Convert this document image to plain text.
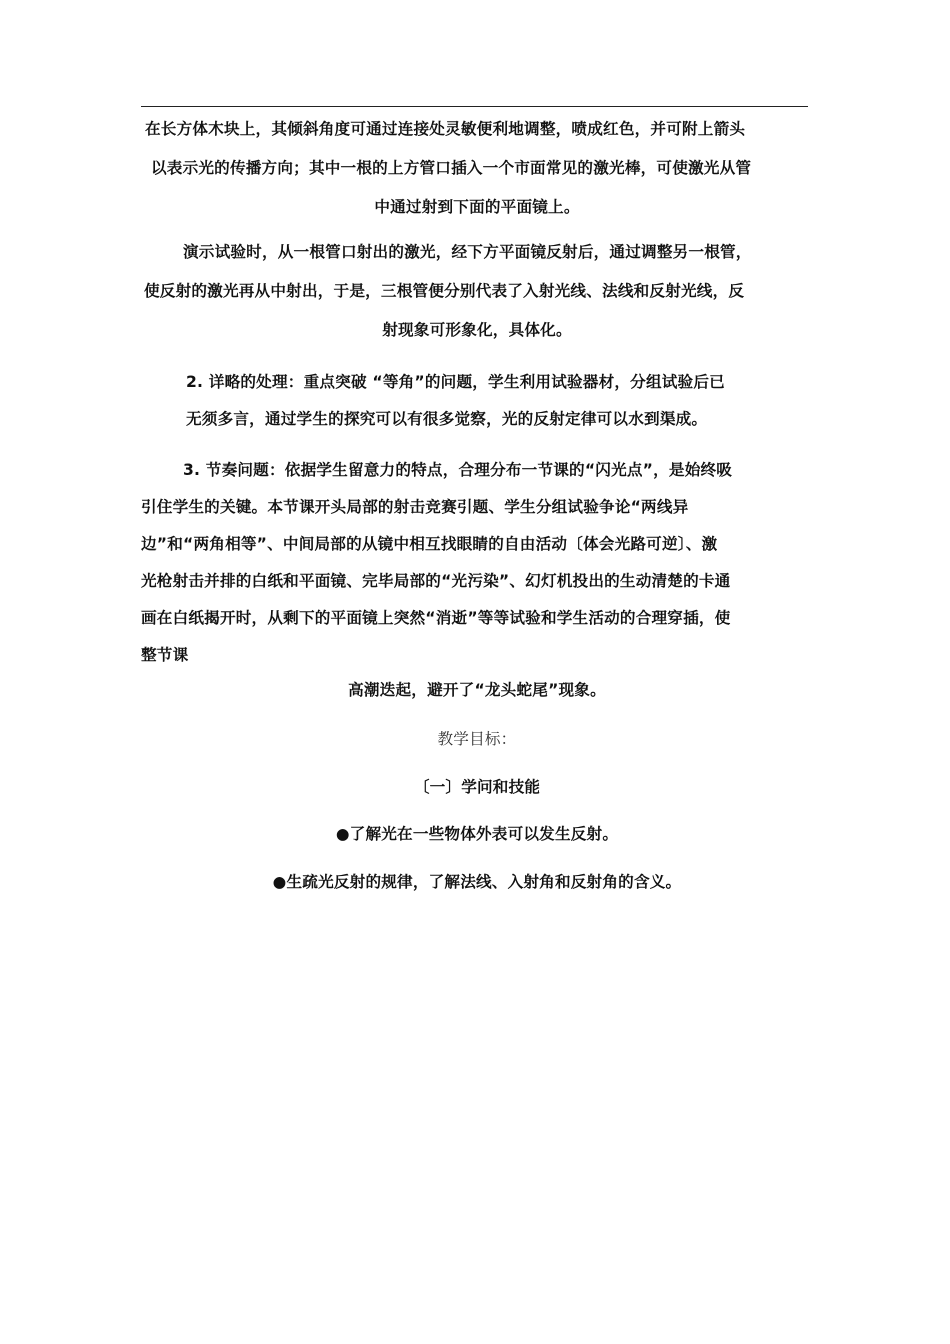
在长方体木块上，其倾斜角度可通过连接处灵敏便利地调整，喷成红色，并可附上箭头
以表示光的传播方向；其中一根的上方管口插入一个市面常见的激光棒，可使激光从管
中通过射到下面的平面镜上。
演示试验时，从一根管口射出的激光，经下方平面镜反射后，通过调整另一根管，
使反射的激光再从中射出，于是，三根管便分别代表了入射光线、法线和反射光线，反
射现象可形象化，具体化。
2. 详略的处理：重点突破 “等角”的问题，学生利用试验器材，分组试验后已
无须多言，通过学生的探究可以有很多觉察，光的反射定律可以水到渠成。
3. 节奏问题：依据学生留意力的特点，合理分布一节课的“闪光点”，是始终吸
引住学生的关键。本节课开头局部的射击竞赛引题、学生分组试验争论“两线异
边”和“两角相等”、中间局部的从镜中相互找眼睛的自由活动〔体会光路可逆〕、激
光枪射击并排的白纸和平面镜、完毕局部的“光污染”、幻灯机投出的生动清楚的卡通
画在白纸揭开时，从剩下的平面镜上突然“消逝”等等试验和学生活动的合理穿插，使
整节课
高潮迭起，避开了“龙头蛇尾”现象。
教学目标：
〔一〕学问和技能
●了解光在一些物体外表可以发生反射。
●生疏光反射的规律，了解法线、入射角和反射角的含义。
